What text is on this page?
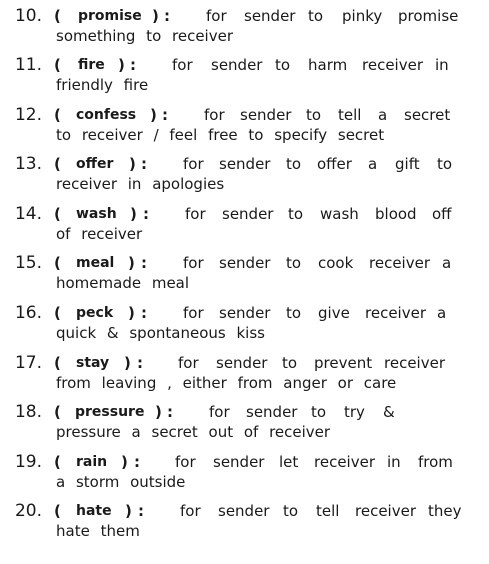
10. ( promise ) : for sender to pinky promise
something to receiver
11. ( fire ) : for sender to harm receiver in
friendly fire
12. ( confess ) : for sender to tell a secret
to receiver / feel free to specify secret
13. ( offer ) : for sender to offer a gift to
receiver in apologies
14. ( wash ) : for sender to wash blood off
of receiver
15. ( meal ) : for sender to cook receiver a
homemade meal
16. ( peck ) : for sender to give receiver a
quick & spontaneous kiss
17. ( stay ) : for sender to prevent receiver
from leaving , either from anger or care
18. ( pressure ) : for sender to try &
pressure a secret out of receiver
19. ( rain ) : for sender let receiver in from
a storm outside
20. ( hate ) : for sender to tell receiver they
hate them
